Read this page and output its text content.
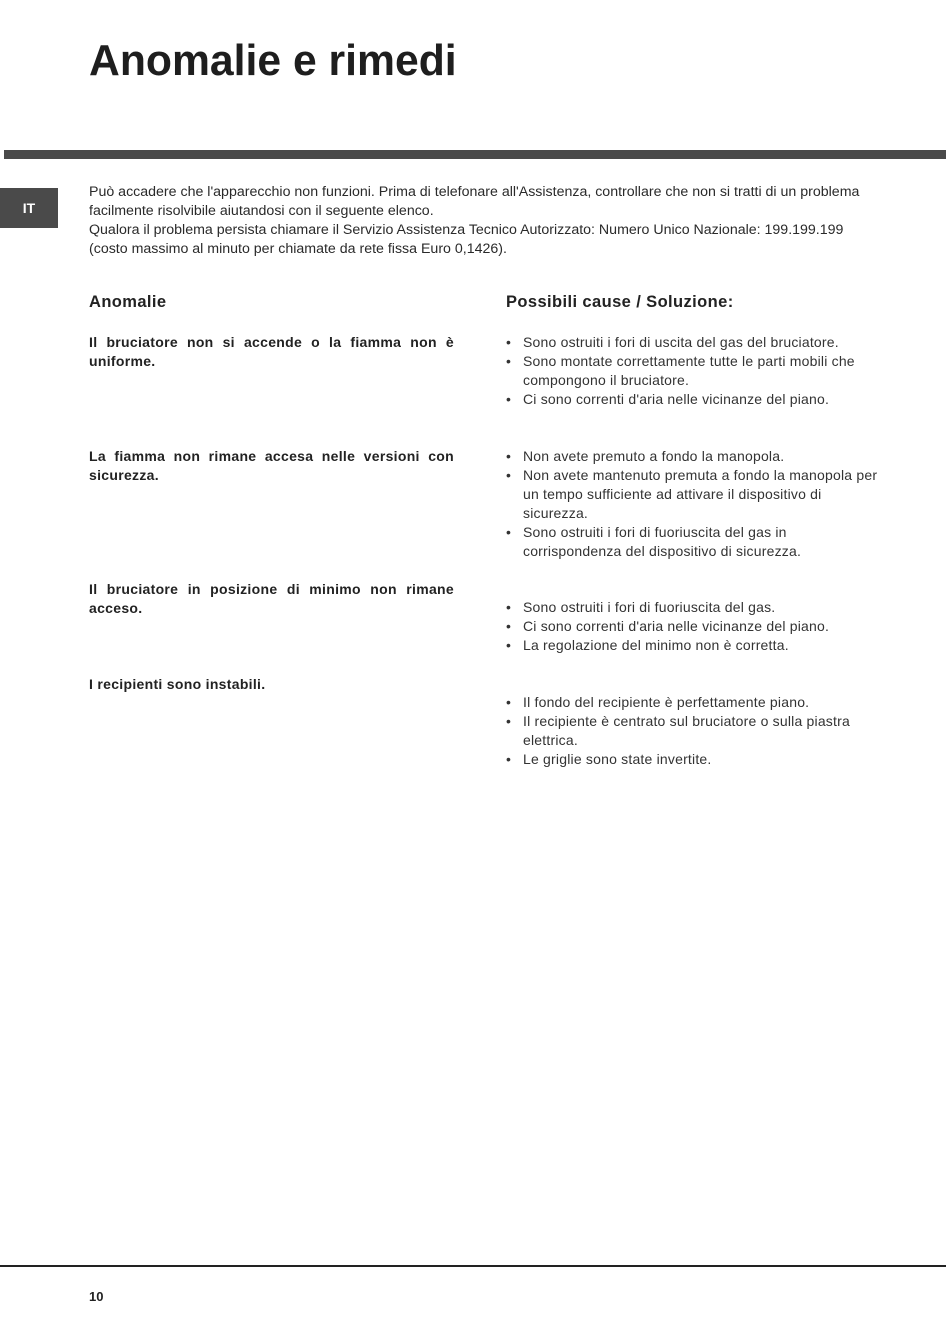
Anomalie e rimedi
IT

Può accadere che l'apparecchio non funzioni. Prima di telefonare all'Assistenza, controllare che non si tratti di un problema facilmente risolvibile aiutandosi con il seguente elenco.

Qualora il problema persista chiamare il Servizio Assistenza Tecnico Autorizzato: Numero Unico Nazionale: 199.199.199 (costo massimo al minuto per chiamate da rete fissa Euro 0,1426).

Anomalie	Possibili cause / Soluzione:
Il bruciatore non si accende o la fiamma non è uniforme.
• Sono ostruiti i fori di uscita del gas del bruciatore.
• Sono montate correttamente tutte le parti mobili che compongono il bruciatore.
• Ci sono correnti d'aria nelle vicinanze del piano.
La fiamma non rimane accesa nelle versioni con sicurezza.
• Non avete premuto a fondo la manopola.
• Non avete mantenuto premuta a fondo la manopola per un tempo sufficiente ad attivare il dispositivo di sicurezza.
• Sono ostruiti i fori di fuoriuscita del gas in corrispondenza del dispositivo di sicurezza.
Il bruciatore in posizione di minimo non rimane acceso.
•	Sono ostruiti i fori di fuoriuscita del gas.
• Ci sono correnti d'aria nelle vicinanze del piano.
• La regolazione del minimo non è corretta.
I recipienti sono instabili.
• Il fondo del recipiente è perfettamente piano.
• Il recipiente è centrato sul bruciatore o sulla piastra elettrica.
• Le griglie sono state invertite.
10
